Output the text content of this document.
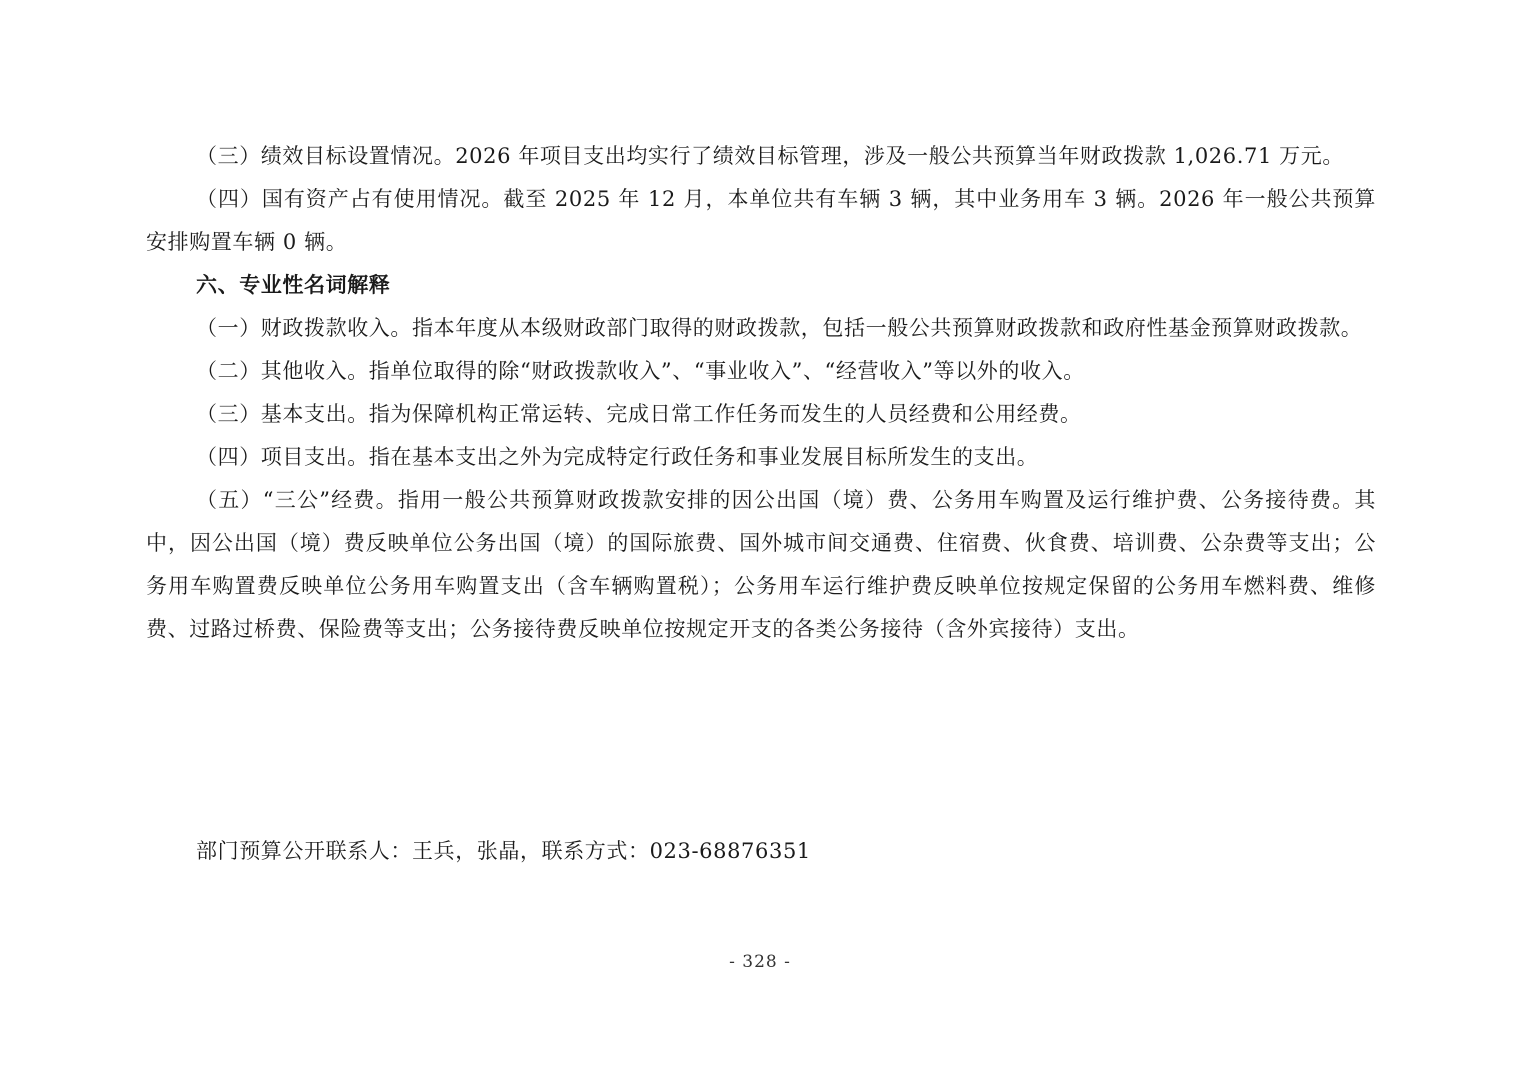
（三）绩效目标设置情况。2026 年项目支出均实行了绩效目标管理，涉及一般公共预算当年财政拨款 1,026.71 万元。

（四）国有资产占有使用情况。截至 2025 年 12 月，本单位共有车辆 3 辆，其中业务用车 3 辆。2026 年一般公共预算安排购置车辆 0 辆。

六、专业性名词解释

（一）财政拨款收入。指本年度从本级财政部门取得的财政拨款，包括一般公共预算财政拨款和政府性基金预算财政拨款。

（二）其他收入。指单位取得的除“财政拨款收入”、“事业收入”、“经营收入”等以外的收入。

（三）基本支出。指为保障机构正常运转、完成日常工作任务而发生的人员经费和公用经费。

（四）项目支出。指在基本支出之外为完成特定行政任务和事业发展目标所发生的支出。

（五）“三公”经费。指用一般公共预算财政拨款安排的因公出国（境）费、公务用车购置及运行维护费、公务接待费。其中，因公出国（境）费反映单位公务出国（境）的国际旅费、国外城市间交通费、住宿费、伙食费、培训费、公杂费等支出；公务用车购置费反映单位公务用车购置支出（含车辆购置税）；公务用车运行维护费反映单位按规定保留的公务用车燃料费、维修费、过路过桥费、保险费等支出；公务接待费反映单位按规定开支的各类公务接待（含外宾接待）支出。

部门预算公开联系人：王兵，张晶，联系方式：023-68876351

- 328 -
